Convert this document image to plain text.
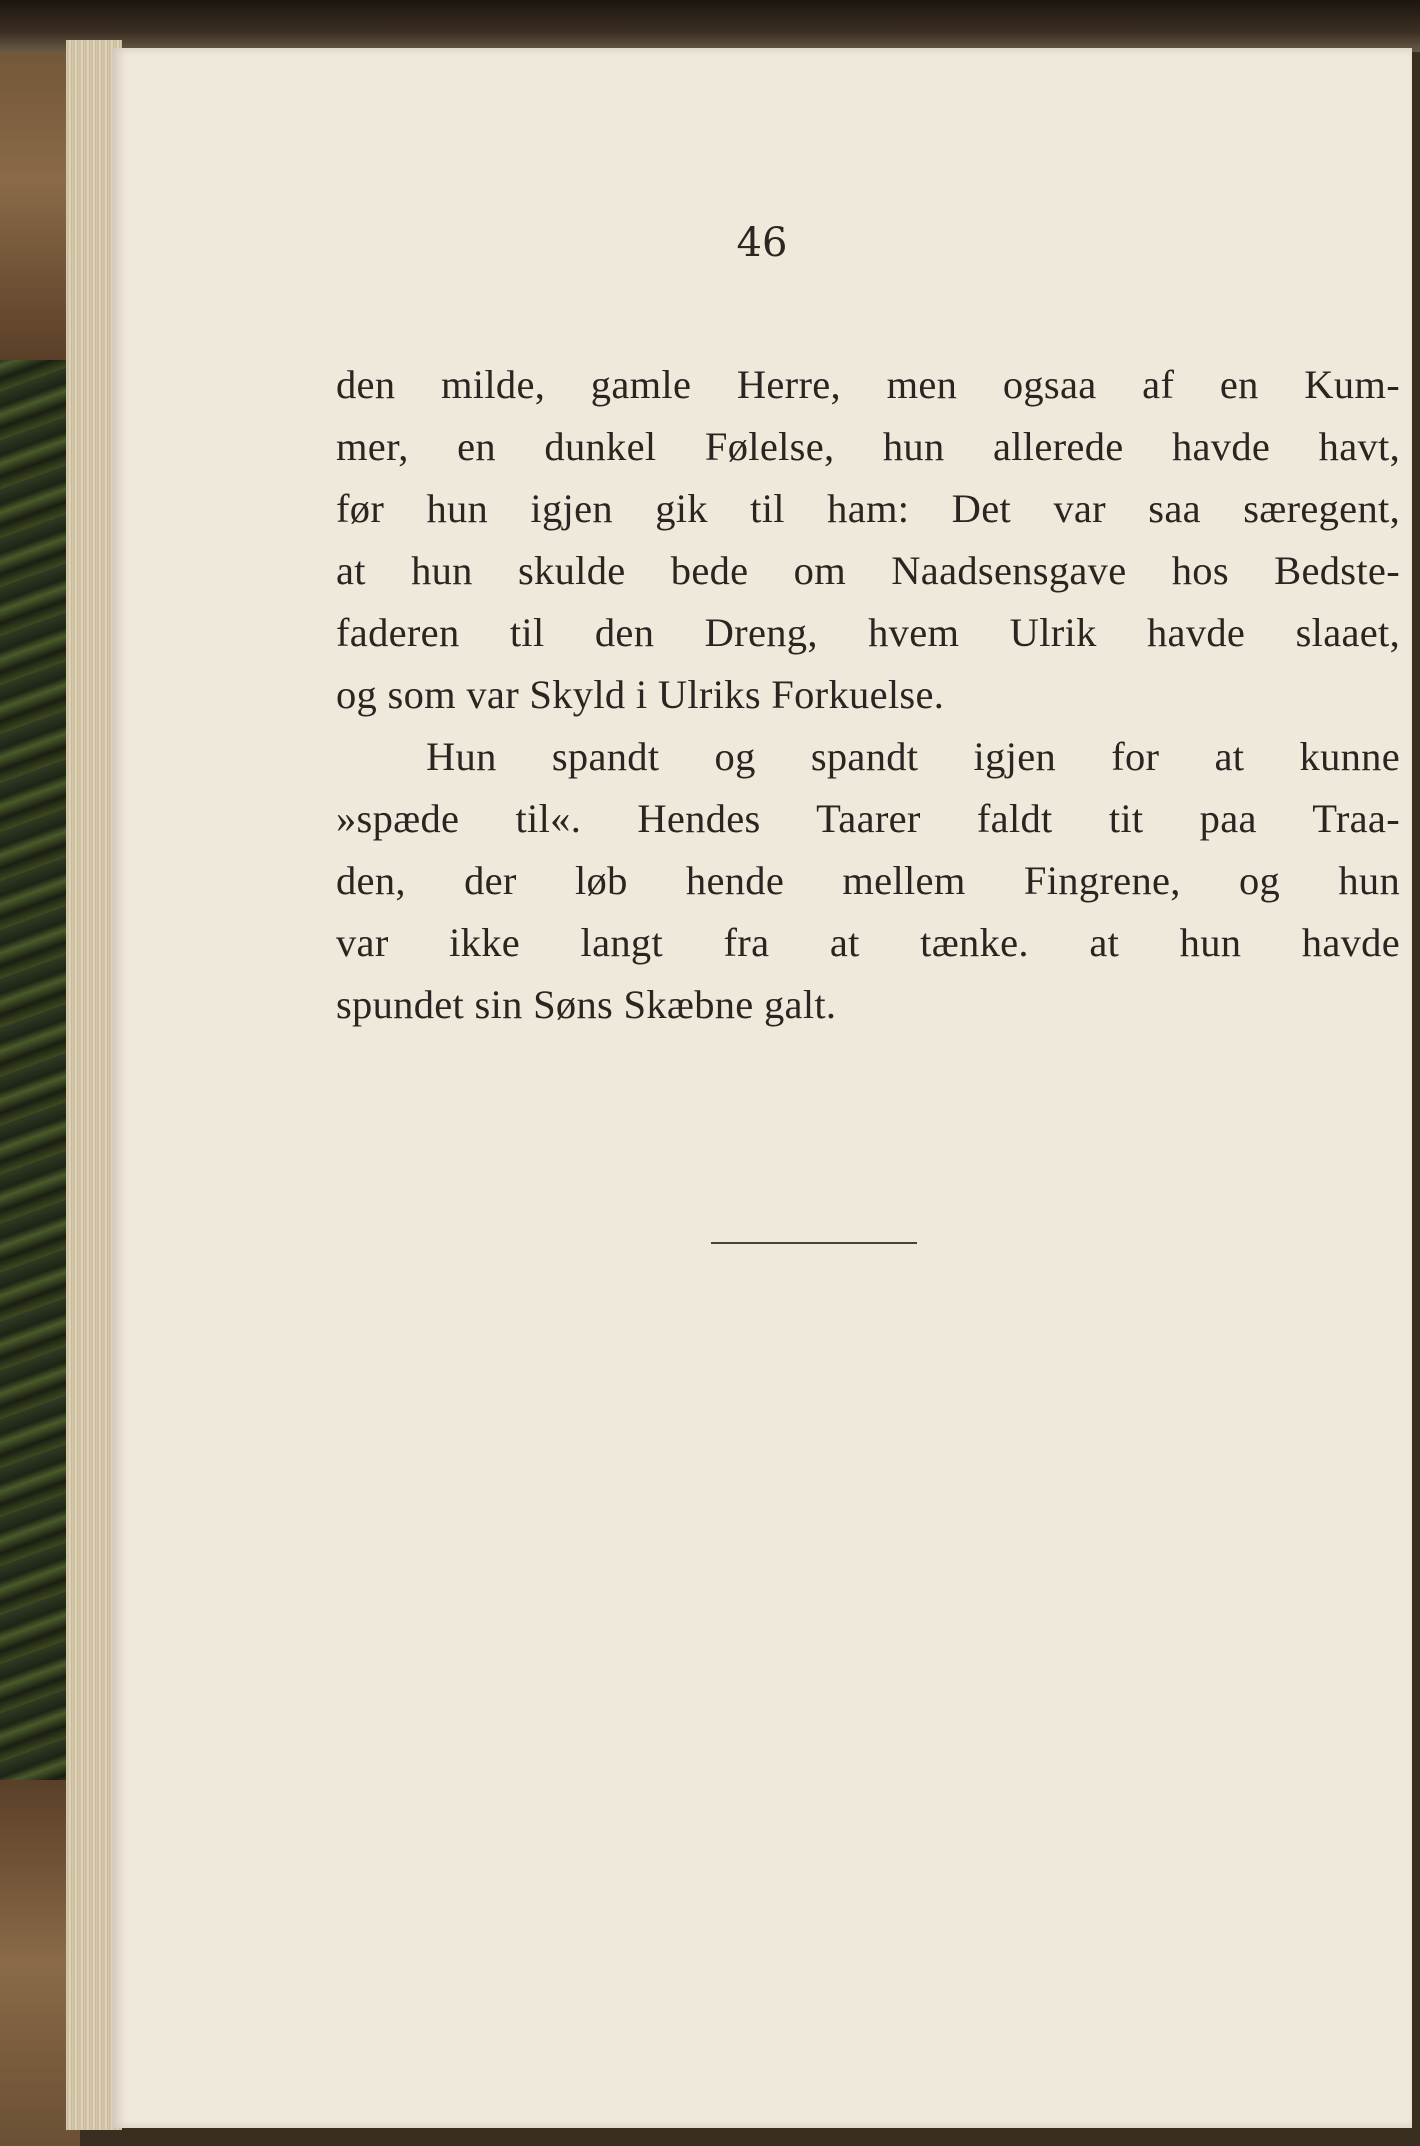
46
den milde, gamle Herre, men ogsaa af en Kum-
mer, en dunkel Følelse, hun allerede havde havt,
før hun igjen gik til ham: Det var saa særegent,
at hun skulde bede om Naadsensgave hos Bedste-
faderen til den Dreng, hvem Ulrik havde slaaet,
og som var Skyld i Ulriks Forkuelse.
Hun spandt og spandt igjen for at kunne
»spæde til«. Hendes Taarer faldt tit paa Traa-
den, der løb hende mellem Fingrene, og hun
var ikke langt fra at tænke. at hun havde
spundet sin Søns Skæbne galt.
